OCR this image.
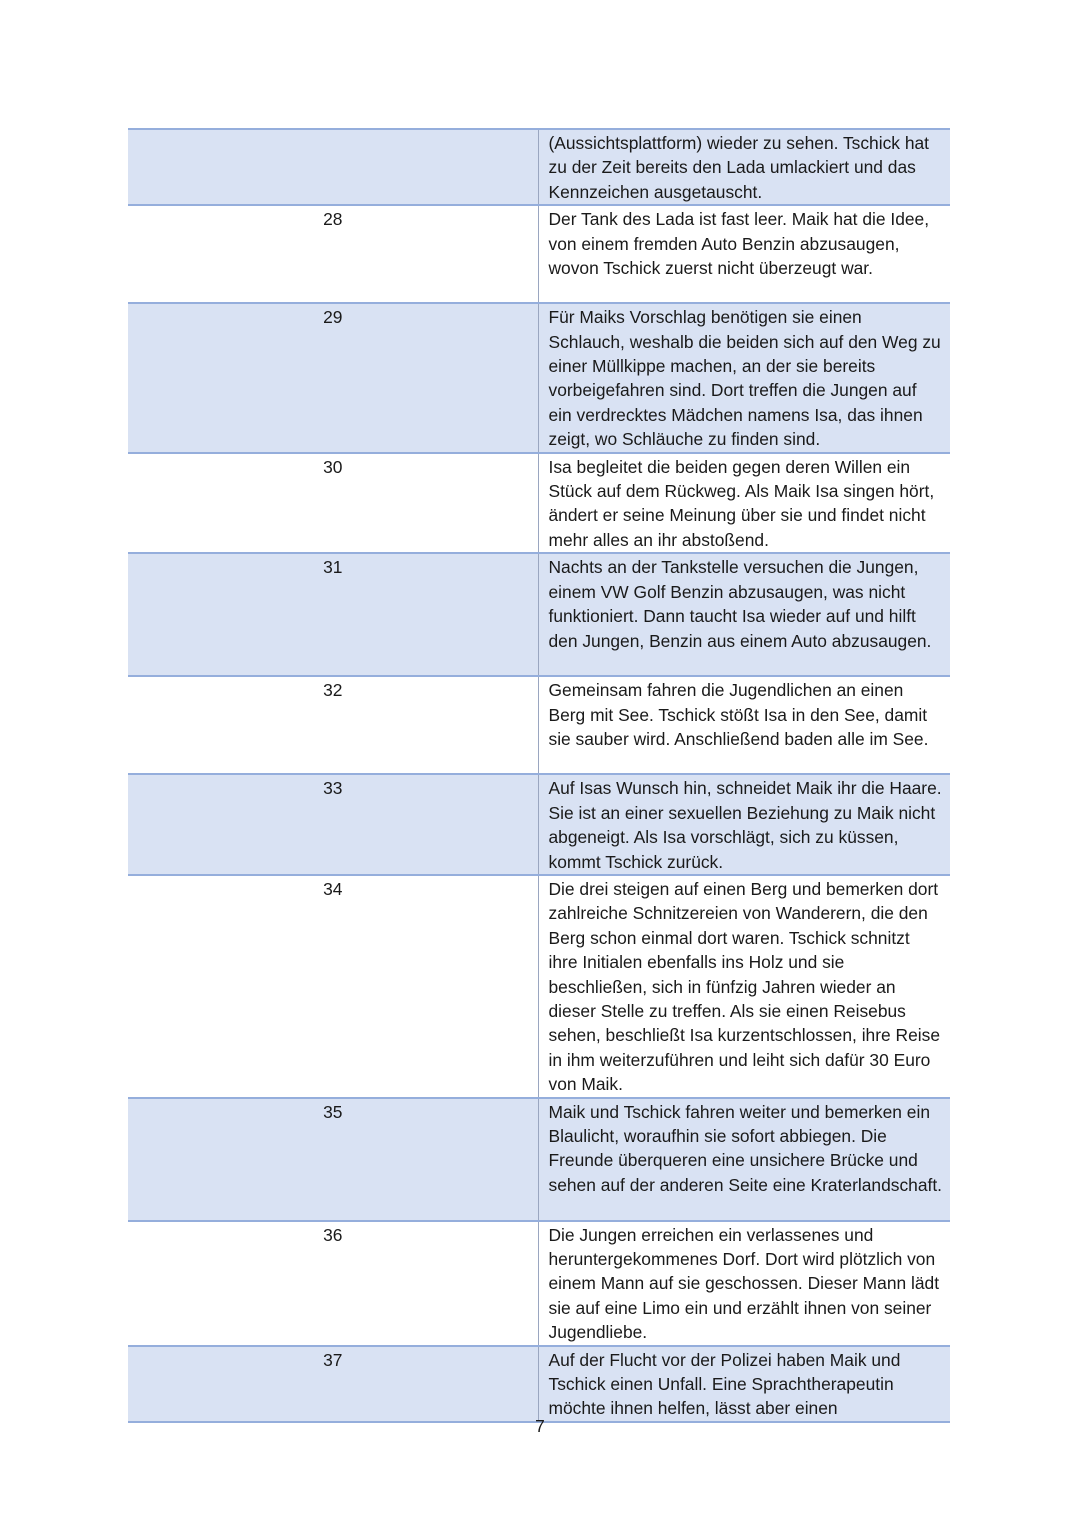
	(Aussichtsplattform) wieder zu sehen. Tschick hat zu der Zeit bereits den Lada umlackiert und das Kennzeichen ausgetauscht.
28	Der Tank des Lada ist fast leer. Maik hat die Idee, von einem fremden Auto Benzin abzusaugen, wovon Tschick zuerst nicht überzeugt war.
29	Für Maiks Vorschlag benötigen sie einen Schlauch, weshalb die beiden sich auf den Weg zu einer Müllkippe machen, an der sie bereits vorbeigefahren sind. Dort treffen die Jungen auf ein verdrecktes Mädchen namens Isa, das ihnen zeigt, wo Schläuche zu finden sind.
30	Isa begleitet die beiden gegen deren Willen ein Stück auf dem Rückweg. Als Maik Isa singen hört, ändert er seine Meinung über sie und findet nicht mehr alles an ihr abstoßend.
31	Nachts an der Tankstelle versuchen die Jungen, einem VW Golf Benzin abzusaugen, was nicht funktioniert. Dann taucht Isa wieder auf und hilft den Jungen, Benzin aus einem Auto abzusaugen.
32	Gemeinsam fahren die Jugendlichen an einen Berg mit See. Tschick stößt Isa in den See, damit sie sauber wird. Anschließend baden alle im See.
33	Auf Isas Wunsch hin, schneidet Maik ihr die Haare. Sie ist an einer sexuellen Beziehung zu Maik nicht abgeneigt. Als Isa vorschlägt, sich zu küssen, kommt Tschick zurück.
34	Die drei steigen auf einen Berg und bemerken dort zahlreiche Schnitzereien von Wanderern, die den Berg schon einmal dort waren. Tschick schnitzt ihre Initialen ebenfalls ins Holz und sie beschließen, sich in fünfzig Jahren wieder an dieser Stelle zu treffen. Als sie einen Reisebus sehen, beschließt Isa kurzentschlossen, ihre Reise in ihm weiterzuführen und leiht sich dafür 30 Euro von Maik.
35	Maik und Tschick fahren weiter und bemerken ein Blaulicht, woraufhin sie sofort abbiegen. Die Freunde überqueren eine unsichere Brücke und sehen auf der anderen Seite eine Kraterlandschaft.
36	Die Jungen erreichen ein verlassenes und heruntergekommenes Dorf. Dort wird plötzlich von einem Mann auf sie geschossen. Dieser Mann lädt sie auf eine Limo ein und erzählt ihnen von seiner Jugendliebe.
37	Auf der Flucht vor der Polizei haben Maik und Tschick einen Unfall. Eine Sprachtherapeutin möchte ihnen helfen, lässt aber einen
7
